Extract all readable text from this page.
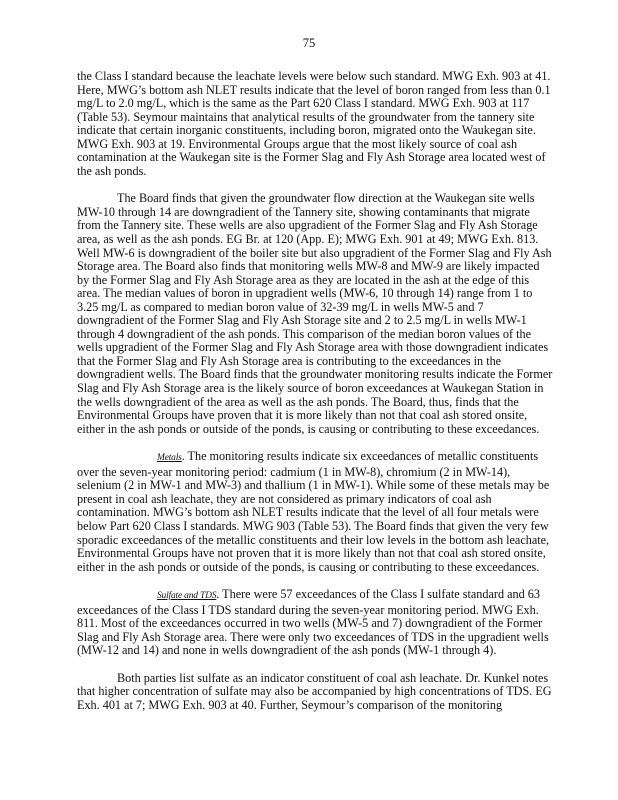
75

the Class I standard because the leachate levels were below such standard. MWG Exh. 903 at 41. Here, MWG’s bottom ash NLET results indicate that the level of boron ranged from less than 0.1 mg/L to 2.0 mg/L, which is the same as the Part 620 Class I standard. MWG Exh. 903 at 117 (Table 53). Seymour maintains that analytical results of the groundwater from the tannery site indicate that certain inorganic constituents, including boron, migrated onto the Waukegan site. MWG Exh. 903 at 19. Environmental Groups argue that the most likely source of coal ash contamination at the Waukegan site is the Former Slag and Fly Ash Storage area located west of the ash ponds.

The Board finds that given the groundwater flow direction at the Waukegan site wells MW-10 through 14 are downgradient of the Tannery site, showing contaminants that migrate from the Tannery site. These wells are also upgradient of the Former Slag and Fly Ash Storage area, as well as the ash ponds. EG Br. at 120 (App. E); MWG Exh. 901 at 49; MWG Exh. 813. Well MW-6 is downgradient of the boiler site but also upgradient of the Former Slag and Fly Ash Storage area. The Board also finds that monitoring wells MW-8 and MW-9 are likely impacted by the Former Slag and Fly Ash Storage area as they are located in the ash at the edge of this area. The median values of boron in upgradient wells (MW-6, 10 through 14) range from 1 to 3.25 mg/L as compared to median boron value of 32-39 mg/L in wells MW-5 and 7 downgradient of the Former Slag and Fly Ash Storage site and 2 to 2.5 mg/L in wells MW-1 through 4 downgradient of the ash ponds. This comparison of the median boron values of the wells upgradient of the Former Slag and Fly Ash Storage area with those downgradient indicates that the Former Slag and Fly Ash Storage area is contributing to the exceedances in the downgradient wells. The Board finds that the groundwater monitoring results indicate the Former Slag and Fly Ash Storage area is the likely source of boron exceedances at Waukegan Station in the wells downgradient of the area as well as the ash ponds. The Board, thus, finds that the Environmental Groups have proven that it is more likely than not that coal ash stored onsite, either in the ash ponds or outside of the ponds, is causing or contributing to these exceedances.

Metals. The monitoring results indicate six exceedances of metallic constituents over the seven-year monitoring period: cadmium (1 in MW-8), chromium (2 in MW-14), selenium (2 in MW-1 and MW-3) and thallium (1 in MW-1). While some of these metals may be present in coal ash leachate, they are not considered as primary indicators of coal ash contamination. MWG’s bottom ash NLET results indicate that the level of all four metals were below Part 620 Class I standards. MWG 903 (Table 53). The Board finds that given the very few sporadic exceedances of the metallic constituents and their low levels in the bottom ash leachate, Environmental Groups have not proven that it is more likely than not that coal ash stored onsite, either in the ash ponds or outside of the ponds, is causing or contributing to these exceedances.

Sulfate and TDS. There were 57 exceedances of the Class I sulfate standard and 63 exceedances of the Class I TDS standard during the seven-year monitoring period. MWG Exh. 811. Most of the exceedances occurred in two wells (MW-5 and 7) downgradient of the Former Slag and Fly Ash Storage area. There were only two exceedances of TDS in the upgradient wells (MW-12 and 14) and none in wells downgradient of the ash ponds (MW-1 through 4).

Both parties list sulfate as an indicator constituent of coal ash leachate. Dr. Kunkel notes that higher concentration of sulfate may also be accompanied by high concentrations of TDS. EG Exh. 401 at 7; MWG Exh. 903 at 40. Further, Seymour’s comparison of the monitoring
